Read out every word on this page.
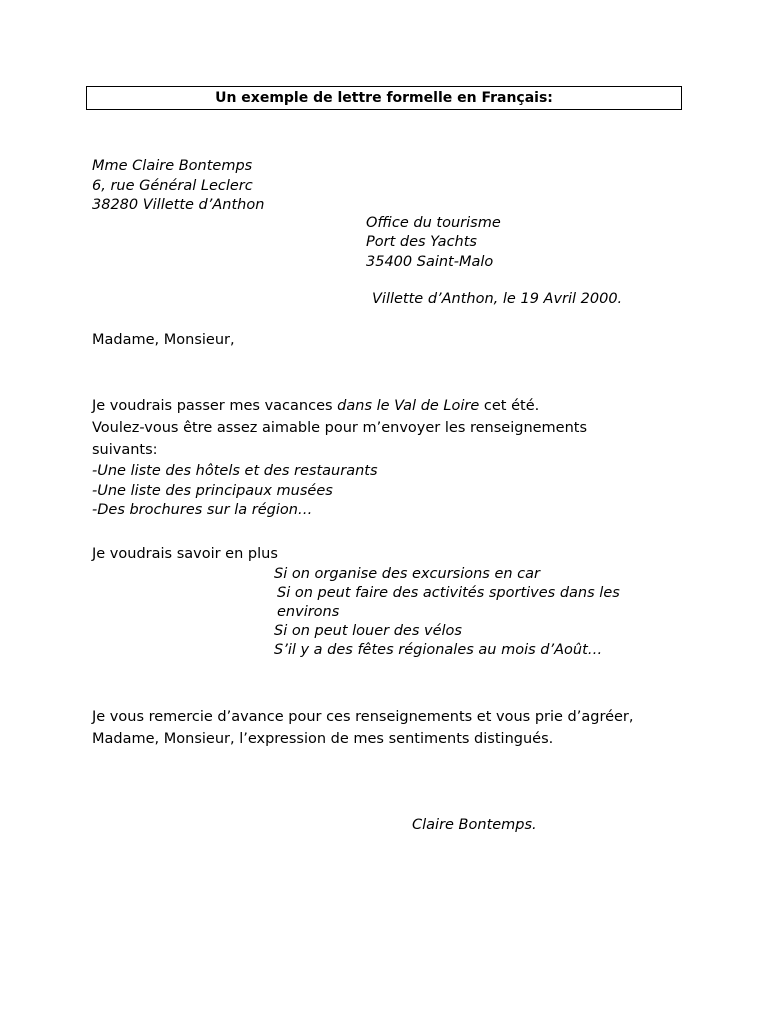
Un exemple de lettre formelle en Français:
Mme Claire Bontemps
6, rue Général Leclerc
38280 Villette d’Anthon
Office du tourisme
Port des Yachts
35400 Saint-Malo
Villette d’Anthon, le 19 Avril 2000.
Madame, Monsieur,
Je voudrais passer mes vacances dans le Val de Loire cet été.
Voulez-vous être assez aimable pour m’envoyer les renseignements
suivants:
-Une liste des hôtels et des restaurants
-Une liste des principaux musées
-Des brochures sur la région…
Je voudrais savoir en plus
Si on organise des excursions en car
Si on peut faire des activités sportives dans les
environs
Si on peut louer des vélos
S’il y a des fêtes régionales au mois d’Août…
Je vous remercie d’avance pour ces renseignements et vous prie d’agréer,
Madame, Monsieur, l’expression de mes sentiments distingués.
Claire Bontemps.
